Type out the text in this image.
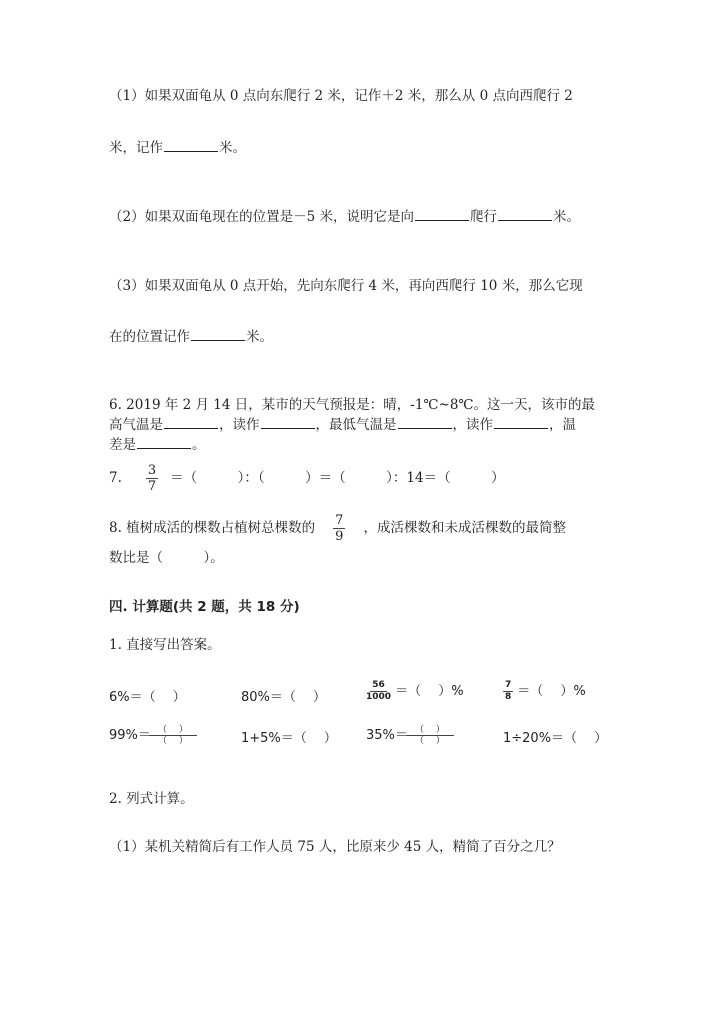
（1）如果双面龟从 0 点向东爬行 2 米，记作＋2 米，那么从 0 点向西爬行 2
米，记作	米。
（2）如果双面龟现在的位置是－5 米，说明它是向	爬行	米。
（3）如果双面龟从 0 点开始，先向东爬行 4 米，再向西爬行 10 米，那么它现
在的位置记作	米。
6. 2019 年 2 月 14 日，某市的天气预报是：晴，-1℃~8℃。这一天，该市的最
高气温是	，读作	，最低气温是	，读作	，温
差是	。
7. $\frac{3}{7}$ ＝（　　　）：（　　　）＝（　　　）：14＝（　　　）
8. 植树成活的棵数占植树总棵数的 $\frac{7}{9}$ ，成活棵数和未成活棵数的最简整
数比是（　　　）。
四. 计算题(共 2 题，共 18 分)
1. 直接写出答案。
6%＝（　 ）	80%＝（　 ）	$\frac{56}{1000}$ ＝（　 ）%	$\frac{7}{8}$ ＝（　 ）%
$99\%= \frac{( )}{( )}$	1+5%＝（　 ） $35\%= \frac{( )}{( )}$	1÷20%＝（　 ）
2. 列式计算。
（1）某机关精简后有工作人员 75 人，比原来少 45 人，精简了百分之几？
